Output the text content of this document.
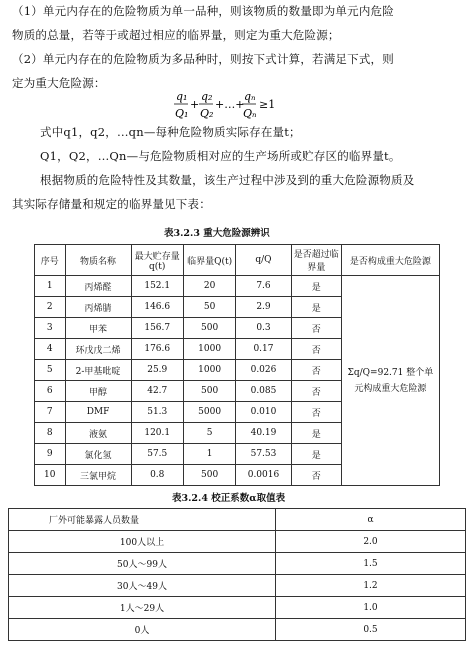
（1）单元内存在的危险物质为单一品种，则该物质的数量即为单元内危险
物质的总量，若等于或超过相应的临界量，则定为重大危险源；
（2）单元内存在的危险物质为多品种时，则按下式计算，若满足下式，则
定为重大危险源：
q₁
Q₁
+
q₂
Q₂
+…+
qₙ
Qₙ
≥1
式中q1，q2，…qn—每种危险物质实际存在量t；
Q1，Q2，…Qn—与危险物质相对应的生产场所或贮存区的临界量t。
根据物质的危险特性及其数量，该生产过程中涉及到的重大危险源物质及
其实际存储量和规定的临界量见下表：
表3.2.3 重大危险源辨识
序号	物质名称	最大贮存量q(t)	临界量Q(t)	q/Q	是否超过临界量	是否构成重大危险源
1	丙烯醛	152.1	20	7.6	是	Σq/Q=92.71 整个单元构成重大危险源
2	丙烯腈	146.6	50	2.9	是	
3	甲苯	156.7	500	0.3	否	
4	环戊戊二烯	176.6	1000	0.17	否	
5	2-甲基吡啶	25.9	1000	0.026	否	
6	甲醇	42.7	500	0.085	否	
7	DMF	51.3	5000	0.010	否	
8	液氨	120.1	5	40.19	是	
9	氯化氢	57.5	1	57.53	是	
10	三氯甲烷	0.8	500	0.0016	否	
表3.2.4 校正系数α取值表
厂外可能暴露人员数量	α
100人以上	2.0
50人～99人	1.5
30人～49人	1.2
1人～29人	1.0
0人	0.5
